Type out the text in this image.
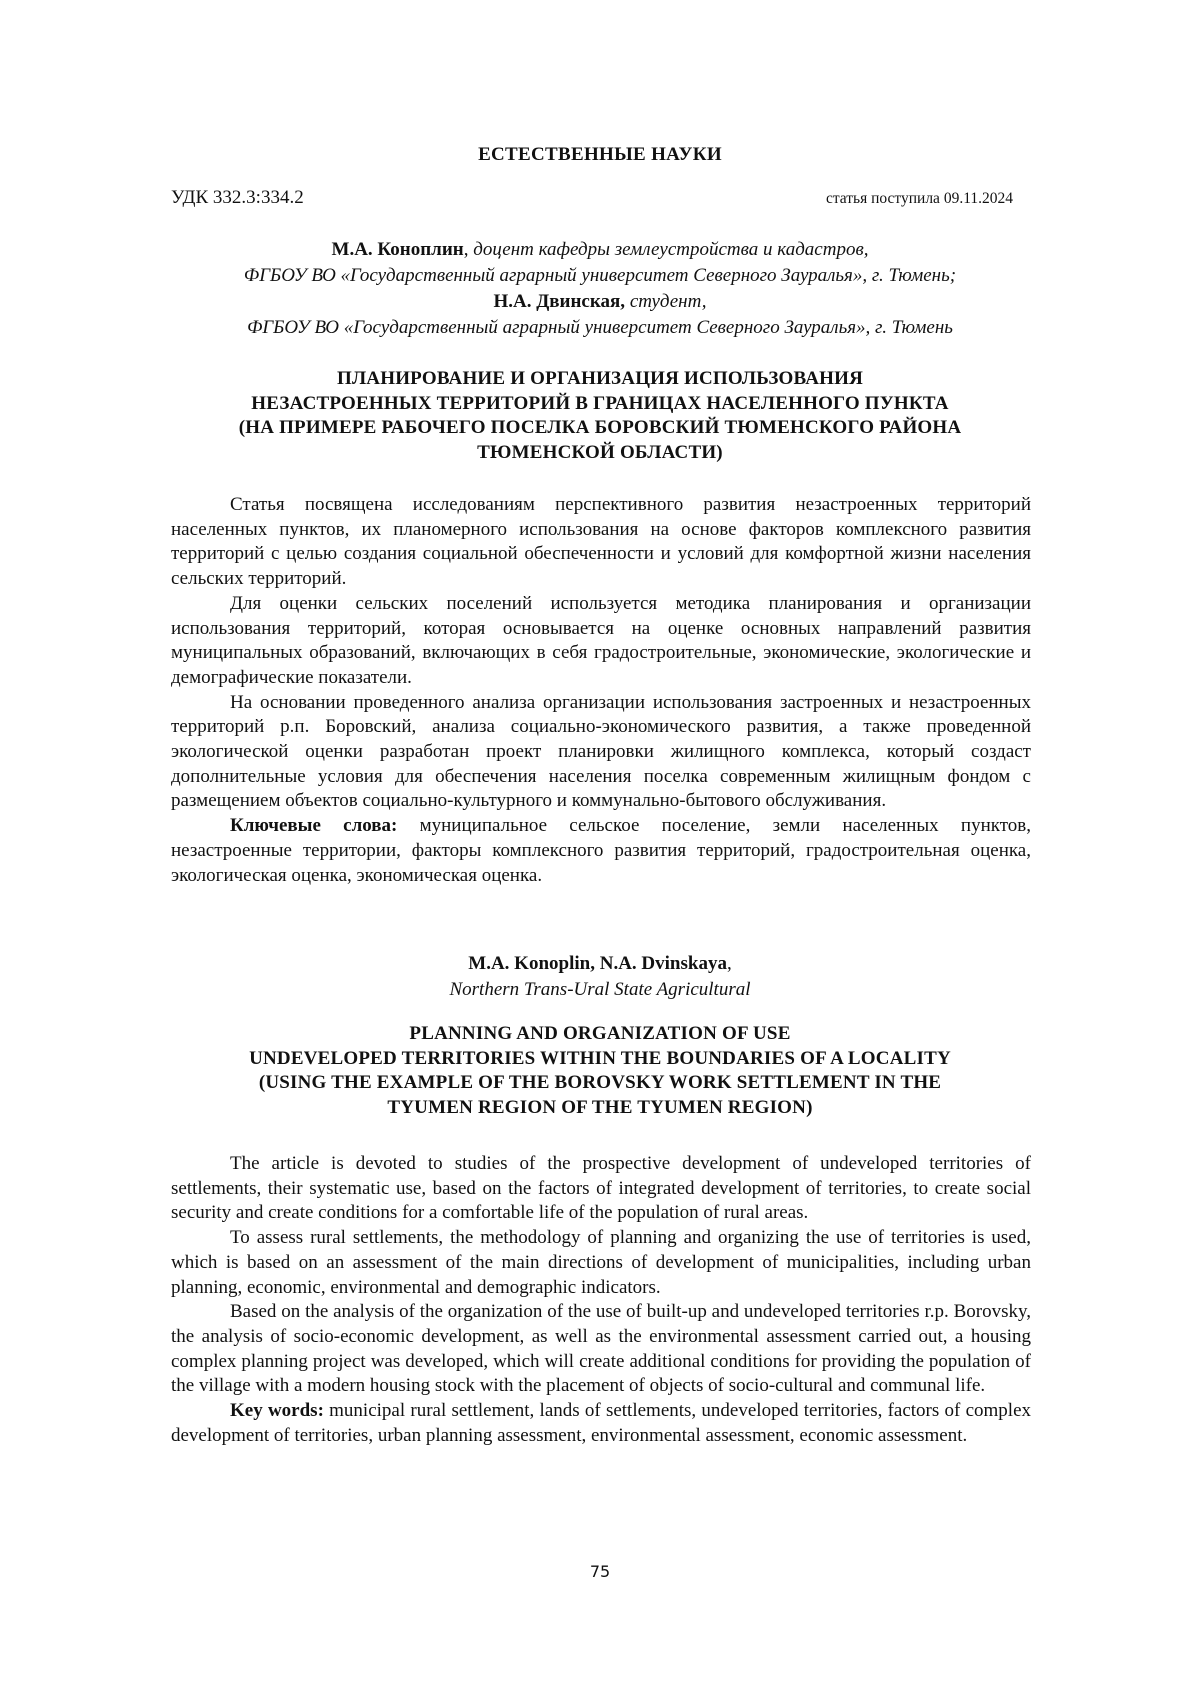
ЕСТЕСТВЕННЫЕ НАУКИ
УДК 332.3:334.2	статья поступила 09.11.2024
М.А. Коноплин, доцент кафедры землеустройства и кадастров,
ФГБОУ ВО «Государственный аграрный университет Северного Зауралья», г. Тюмень;
Н.А. Двинская, студент,
ФГБОУ ВО «Государственный аграрный университет Северного Зауралья», г. Тюмень
ПЛАНИРОВАНИЕ И ОРГАНИЗАЦИЯ ИСПОЛЬЗОВАНИЯ
НЕЗАСТРОЕННЫХ ТЕРРИТОРИЙ В ГРАНИЦАХ НАСЕЛЕННОГО ПУНКТА
(НА ПРИМЕРЕ РАБОЧЕГО ПОСЕЛКА БОРОВСКИЙ ТЮМЕНСКОГО РАЙОНА
ТЮМЕНСКОЙ ОБЛАСТИ)

Статья посвящена исследованиям перспективного развития незастроенных территорий населенных пунктов, их планомерного использования на основе факторов комплексного развития территорий с целью создания социальной обеспеченности и условий для комфортной жизни населения сельских территорий.

Для оценки сельских поселений используется методика планирования и организации использования территорий, которая основывается на оценке основных направлений развития муниципальных образований, включающих в себя градостроительные, экономические, экологические и демографические показатели.

На основании проведенного анализа организации использования застроенных и незастроенных территорий р.п. Боровский, анализа социально-экономического развития, а также проведенной экологической оценки разработан проект планировки жилищного комплекса, который создаст дополнительные условия для обеспечения населения поселка современным жилищным фондом с размещением объектов социально-культурного и коммунально-бытового обслуживания.

Ключевые слова: муниципальное сельское поселение, земли населенных пунктов, незастроенные территории, факторы комплексного развития территорий, градостроительная оценка, экологическая оценка, экономическая оценка.

M.A. Konoplin, N.A. Dvinskaya,
Northern Trans-Ural State Agricultural
PLANNING AND ORGANIZATION OF USE
UNDEVELOPED TERRITORIES WITHIN THE BOUNDARIES OF A LOCALITY
(USING THE EXAMPLE OF THE BOROVSKY WORK SETTLEMENT IN THE
TYUMEN REGION OF THE TYUMEN REGION)

The article is devoted to studies of the prospective development of undeveloped territories of settlements, their systematic use, based on the factors of integrated development of territories, to create social security and create conditions for a comfortable life of the population of rural areas.

To assess rural settlements, the methodology of planning and organizing the use of territories is used, which is based on an assessment of the main directions of development of municipalities, including urban planning, economic, environmental and demographic indicators.

Based on the analysis of the organization of the use of built-up and undeveloped territories r.p. Borovsky, the analysis of socio-economic development, as well as the environmental assessment carried out, a housing complex planning project was developed, which will create additional conditions for providing the population of the village with a modern housing stock with the placement of objects of socio-cultural and communal life.

Key words: municipal rural settlement, lands of settlements, undeveloped territories, factors of complex development of territories, urban planning assessment, environmental assessment, economic assessment.

75
